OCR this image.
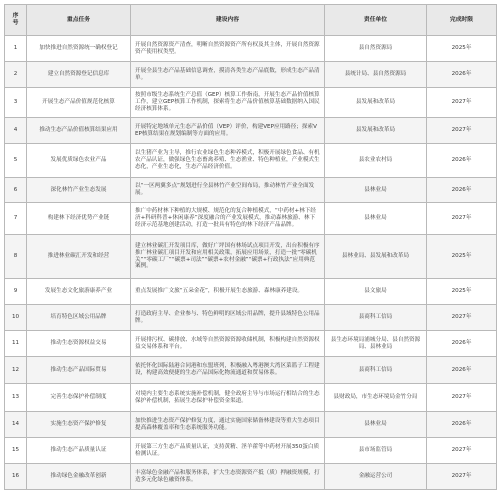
序
号	重点任务	建设内容	责任单位	完成时限
1	加快推进自然资源统一确权登记	开展自然资源资产清查，明晰自然资源资产所有权及其主体，开展自然资源资产使用权类型。	县自然资源局	2025年
2	建立自然资源登记信息库	开展全县生态产品基础信息调查，摸清各类生态产品底数，形成生态产品清单。	县统计局、县自然资源局	2026年
3	开展生态产品价值规范化核算	按照市级生态系统生产总值（GEP）核算工作指南，开展生态产品价值核算工作，建立GEP核算工作机制，探索将生态产品价值核算基础数据纳入国民经济核算体系。	县发展和改革局	2027年
4	推动生态产品价值核算结果应用	开展特定地域单元生态产品价值（VEP）评价，构建VEP应用路径；探索VEP核算结果在规划编制等方面的应用。	县发展和改革局	2027年
5	发展优质绿色农业产品	以生猪产业为主导，推行农业绿色生态种养模式，积极开展绿色食品、有机农产品认证，做强绿色生态畜禽养殖、生态渔业、特色种植业，产业模式生态化，产业生态化，生态产品经济价值。	县农业农村局	2026年
6	深化林竹产业生态发展	以“一区两翼多点”规划进行全县林竹产业空间布局，推动林竹产业全面发展。	县林业局	2026年
7	构建林下经济优势产业链	推广中药材林下种植的大规模、规范化的复合种植模式，“中药材+林下经济+科研科普+休闲康养”深度融合的产业发展模式，推动森林旅游、林下经济示范基地创建活动，打造一批具有特色的林下经济产品品牌。	县林业局	2027年
8	推进林业碳汇开发和经营	建立林业碳汇开发项目库，做好广坪国有林场试点项目开发，出台积极有序推广林业碳汇项目开发和应用相关政策，拓展应用场景，打造一批“零碳机关”“零碳工厂”“碳票+司法”“碳票+农村金融”“碳票+行政执法”应用典范案例。	县林业局、县发展和改革局	2025年
9	发展生态文化旅游康养产业	重点发展推广文旅“五朵金花”，积极开展生态旅游、森林康养建设。	县文旅局	2025年
10	培育特色区域公用品牌	打造政府主导、企业参与、特色鲜明的区域公用品牌，提升县域特色公用品牌。	县商科工信局	2027年
11	推动生态资源权益交易	开展排污权、碳排放、水域等自然资源资源收储机制，积极构建自然资源权益交易体系和平台。	县生态环境局浦城分局、县自然资源局、县林业局	2026年
12	推动生态产品国际贸易	依托怀化国际陆港合同港和东盟班列，积极融入粤港澳大湾区菜篮子工程建设，构建高效便捷的生态产品国际化物流通道和贸易体系。	县商科工信局	2026年
13	完善生态保护补偿制度	对境内主要生态系统实施补偿机制，健全政府主导与市场运行相结合的生态保护补偿机制，拓展生态保护补偿资金渠道。	县财政局，市生态环境局金竹分局	2027年
14	实施生态资产保护修复	加快推进生态资产保护修复力度，通过实施国家储备林建设等重大生态项目提高森林覆盖率和生态系统服务功能。	县林业局	2026年
15	推动生态产品质量认证	开展第三方生态产品质量认证，支持黄精、淫羊藿等中药材开展350蛋白质检测认证。	县市场监管局	2027年
16	推动绿色金融改革创新	丰富绿色金融产品和服务体系，扩大生态资源资产抵（质）押融资规模，打造多元化绿色融资体系。	金融运营公司	2027年
